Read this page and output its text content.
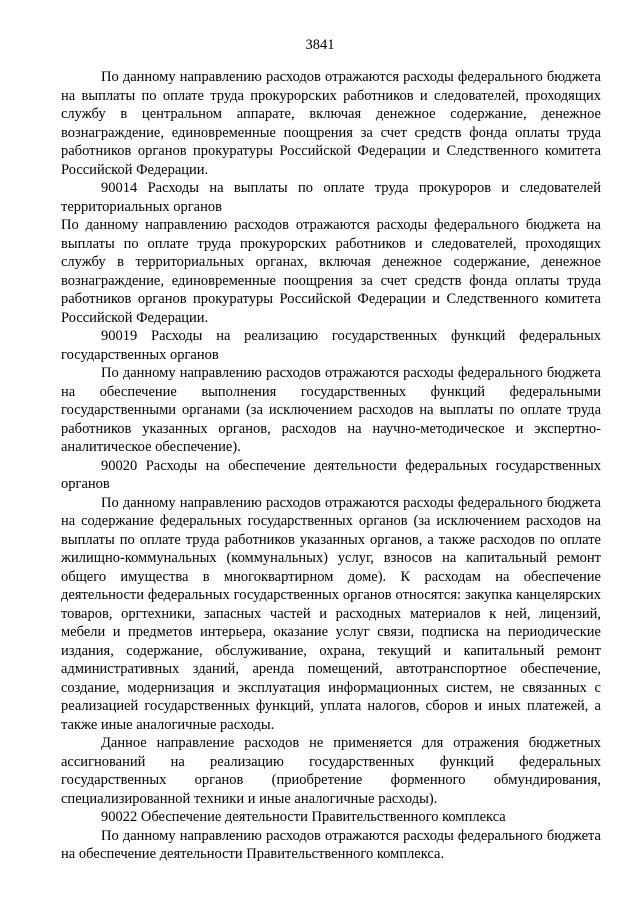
3841

По данному направлению расходов отражаются расходы федерального бюджета на выплаты по оплате труда прокурорских работников и следователей, проходящих службу в центральном аппарате, включая денежное содержание, денежное вознаграждение, единовременные поощрения за счет средств фонда оплаты труда работников органов прокуратуры Российской Федерации и Следственного комитета Российской Федерации.

90014 Расходы на выплаты по оплате труда прокуроров и следователей территориальных органов

По данному направлению расходов отражаются расходы федерального бюджета на выплаты по оплате труда прокурорских работников и следователей, проходящих службу в территориальных органах, включая денежное содержание, денежное вознаграждение, единовременные поощрения за счет средств фонда оплаты труда работников органов прокуратуры Российской Федерации и Следственного комитета Российской Федерации.

90019 Расходы на реализацию государственных функций федеральных государственных органов

По данному направлению расходов отражаются расходы федерального бюджета на обеспечение выполнения государственных функций федеральными государственными органами (за исключением расходов на выплаты по оплате труда работников указанных органов, расходов на научно-методическое и экспертно-аналитическое обеспечение).

90020 Расходы на обеспечение деятельности федеральных государственных органов

По данному направлению расходов отражаются расходы федерального бюджета на содержание федеральных государственных органов (за исключением расходов на выплаты по оплате труда работников указанных органов, а также расходов по оплате жилищно-коммунальных (коммунальных) услуг, взносов на капитальный ремонт общего имущества в многоквартирном доме). К расходам на обеспечение деятельности федеральных государственных органов относятся: закупка канцелярских товаров, оргтехники, запасных частей и расходных материалов к ней, лицензий, мебели и предметов интерьера, оказание услуг связи, подписка на периодические издания, содержание, обслуживание, охрана, текущий и капитальный ремонт административных зданий, аренда помещений, автотранспортное обеспечение, создание, модернизация и эксплуатация информационных систем, не связанных с реализацией государственных функций, уплата налогов, сборов и иных платежей, а также иные аналогичные расходы.

Данное направление расходов не применяется для отражения бюджетных ассигнований на реализацию государственных функций федеральных государственных органов (приобретение форменного обмундирования, специализированной техники и иные аналогичные расходы).

90022 Обеспечение деятельности Правительственного комплекса

По данному направлению расходов отражаются расходы федерального бюджета на обеспечение деятельности Правительственного комплекса.
